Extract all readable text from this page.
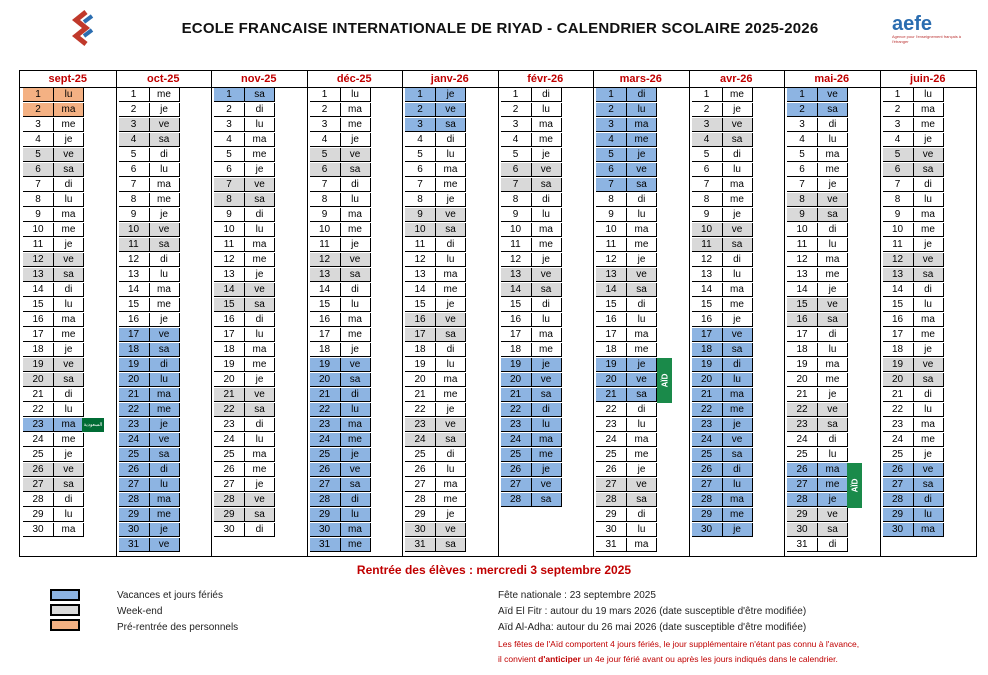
ECOLE FRANCAISE INTERNATIONALE DE RIYAD - CALENDRIER SCOLAIRE 2025-2026	aefe
Agence pour l'enseignement français à l'étranger
sept-25
1	lu
2	ma
3	me
4	je
5	ve
6	sa
7	di
8	lu
9	ma
10	me
11	je
12	ve
13	sa
14	di
15	lu
16	ma
17	me
18	je
19	ve
20	sa
21	di
22	lu
23	ma
24	me
25	je
26	ve
27	sa
28	di
29	lu
30	ma
oct-25
1	me
2	je
3	ve
4	sa
5	di
6	lu
7	ma
8	me
9	je
10	ve
11	sa
12	di
13	lu
14	ma
15	me
16	je
17	ve
18	sa
19	di
20	lu
21	ma
22	me
23	je
24	ve
25	sa
26	di
27	lu
28	ma
29	me
30	je
31	ve
nov-25
1	sa
2	di
3	lu
4	ma
5	me
6	je
7	ve
8	sa
9	di
10	lu
11	ma
12	me
13	je
14	ve
15	sa
16	di
17	lu
18	ma
19	me
20	je
21	ve
22	sa
23	di
24	lu
25	ma
26	me
27	je
28	ve
29	sa
30	di
déc-25
1	lu
2	ma
3	me
4	je
5	ve
6	sa
7	di
8	lu
9	ma
10	me
11	je
12	ve
13	sa
14	di
15	lu
16	ma
17	me
18	je
19	ve
20	sa
21	di
22	lu
23	ma
24	me
25	je
26	ve
27	sa
28	di
29	lu
30	ma
31	me
janv-26
1	je
2	ve
3	sa
4	di
5	lu
6	ma
7	me
8	je
9	ve
10	sa
11	di
12	lu
13	ma
14	me
15	je
16	ve
17	sa
18	di
19	lu
20	ma
21	me
22	je
23	ve
24	sa
25	di
26	lu
27	ma
28	me
29	je
30	ve
31	sa
févr-26
1	di
2	lu
3	ma
4	me
5	je
6	ve
7	sa
8	di
9	lu
10	ma
11	me
12	je
13	ve
14	sa
15	di
16	lu
17	ma
18	me
19	je
20	ve
21	sa
22	di
23	lu
24	ma
25	me
26	je
27	ve
28	sa
mars-26
1	di
2	lu
3	ma
4	me
5	je
6	ve
7	sa
8	di
9	lu
10	ma
11	me
12	je
13	ve
14	sa
15	di
16	lu
17	ma
18	me
19	je
20	ve
21	sa
22	di
23	lu
24	ma
25	me
26	je
27	ve
28	sa
29	di
30	lu
31	ma
avr-26
1	me
2	je
3	ve
4	sa
5	di
6	lu
7	ma
8	me
9	je
10	ve
11	sa
12	di
13	lu
14	ma
15	me
16	je
17	ve
18	sa
19	di
20	lu
21	ma
22	me
23	je
24	ve
25	sa
26	di
27	lu
28	ma
29	me
30	je
mai-26
1	ve
2	sa
3	di
4	lu
5	ma
6	me
7	je
8	ve
9	sa
10	di
11	lu
12	ma
13	me
14	je
15	ve
16	sa
17	di
18	lu
19	ma
20	me
21	je
22	ve
23	sa
24	di
25	lu
26	ma
27	me
28	je
29	ve
30	sa
31	di
juin-26
1	lu
2	ma
3	me
4	je
5	ve
6	sa
7	di
8	lu
9	ma
10	me
11	je
12	ve
13	sa
14	di
15	lu
16	ma
17	me
18	je
19	ve
20	sa
21	di
22	lu
23	ma
24	me
25	je
26	ve
27	sa
28	di
29	lu
30	ma
AÏD
AÏD
السعودية
Rentrée des élèves : mercredi 3 septembre 2025
Vacances et jours fériés
Week-end
Pré-rentrée des personnels
Fête nationale : 23 septembre 2025
Aïd El Fitr : autour du 19 mars 2026 (date susceptible d'être modifiée)
Aïd Al-Adha: autour du 26 mai 2026 (date susceptible d'être modifiée)
Les fêtes de l'Aïd comportent 4 jours fériés, le jour supplémentaire n'étant pas connu à l'avance,
il convient d'anticiper un 4e jour férié avant ou après les jours indiqués dans le calendrier.
